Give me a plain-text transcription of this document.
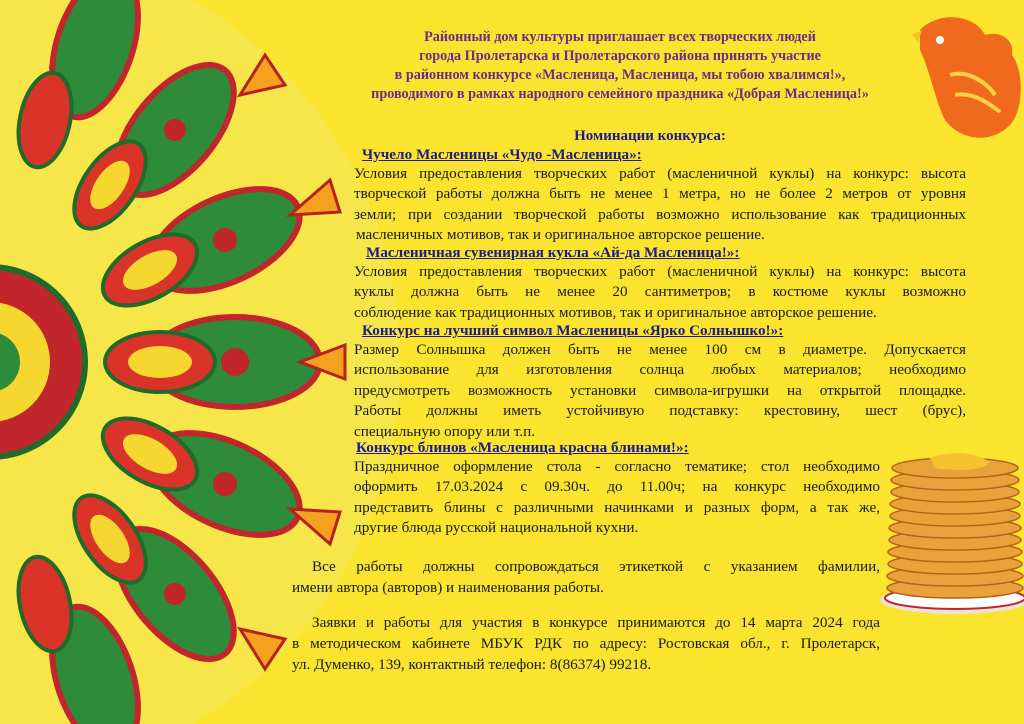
Районный дом культуры приглашает всех творческих людей
города Пролетарска и Пролетарского района принять участие
в районном конкурсе «Масленица, Масленица, мы тобою хвалимся!»,
проводимого в рамках народного семейного праздника «Добрая Масленица!»
Номинации конкурса:
Чучело Масленицы «Чудо -Масленица»:
Условия предоставления творческих работ (масленичной куклы) на конкурс: высота
творческой работы должна быть не менее 1 метра, но не более 2 метров от уровня
земли; при создании творческой работы возможно использование как традиционных
масленичных мотивов, так и оригинальное авторское решение.
Масленичная сувенирная кукла «Ай-да Масленица!»:
Условия предоставления творческих работ (масленичной куклы) на конкурс: высота
куклы должна быть не менее 20 сантиметров; в костюме куклы возможно
соблюдение как традиционных мотивов, так и оригинальное авторское решение.
Конкурс на лучший символ Масленицы «Ярко Солнышко!»:
Размер Солнышка должен быть не менее 100 см в диаметре. Допускается
использование для изготовления солнца любых материалов; необходимо
предусмотреть возможность установки символа-игрушки на открытой площадке.
Работы должны иметь устойчивую подставку: крестовину, шест (брус),
специальную опору или т.п.
Конкурс блинов «Масленица красна блинами!»:
Праздничное оформление стола - согласно тематике; стол необходимо
оформить 17.03.2024 с 09.30ч. до 11.00ч; на конкурс необходимо
представить блины с различными начинками и разных форм, а так же,
другие блюда русской национальной кухни.
Все работы должны сопровождаться этикеткой с указанием фамилии,
имени автора (авторов) и наименования работы.
Заявки и работы для участия в конкурсе принимаются до 14 марта 2024 года
в методическом кабинете МБУК РДК по адресу: Ростовская обл., г. Пролетарск,
ул. Думенко, 139, контактный телефон: 8(86374) 99218.
